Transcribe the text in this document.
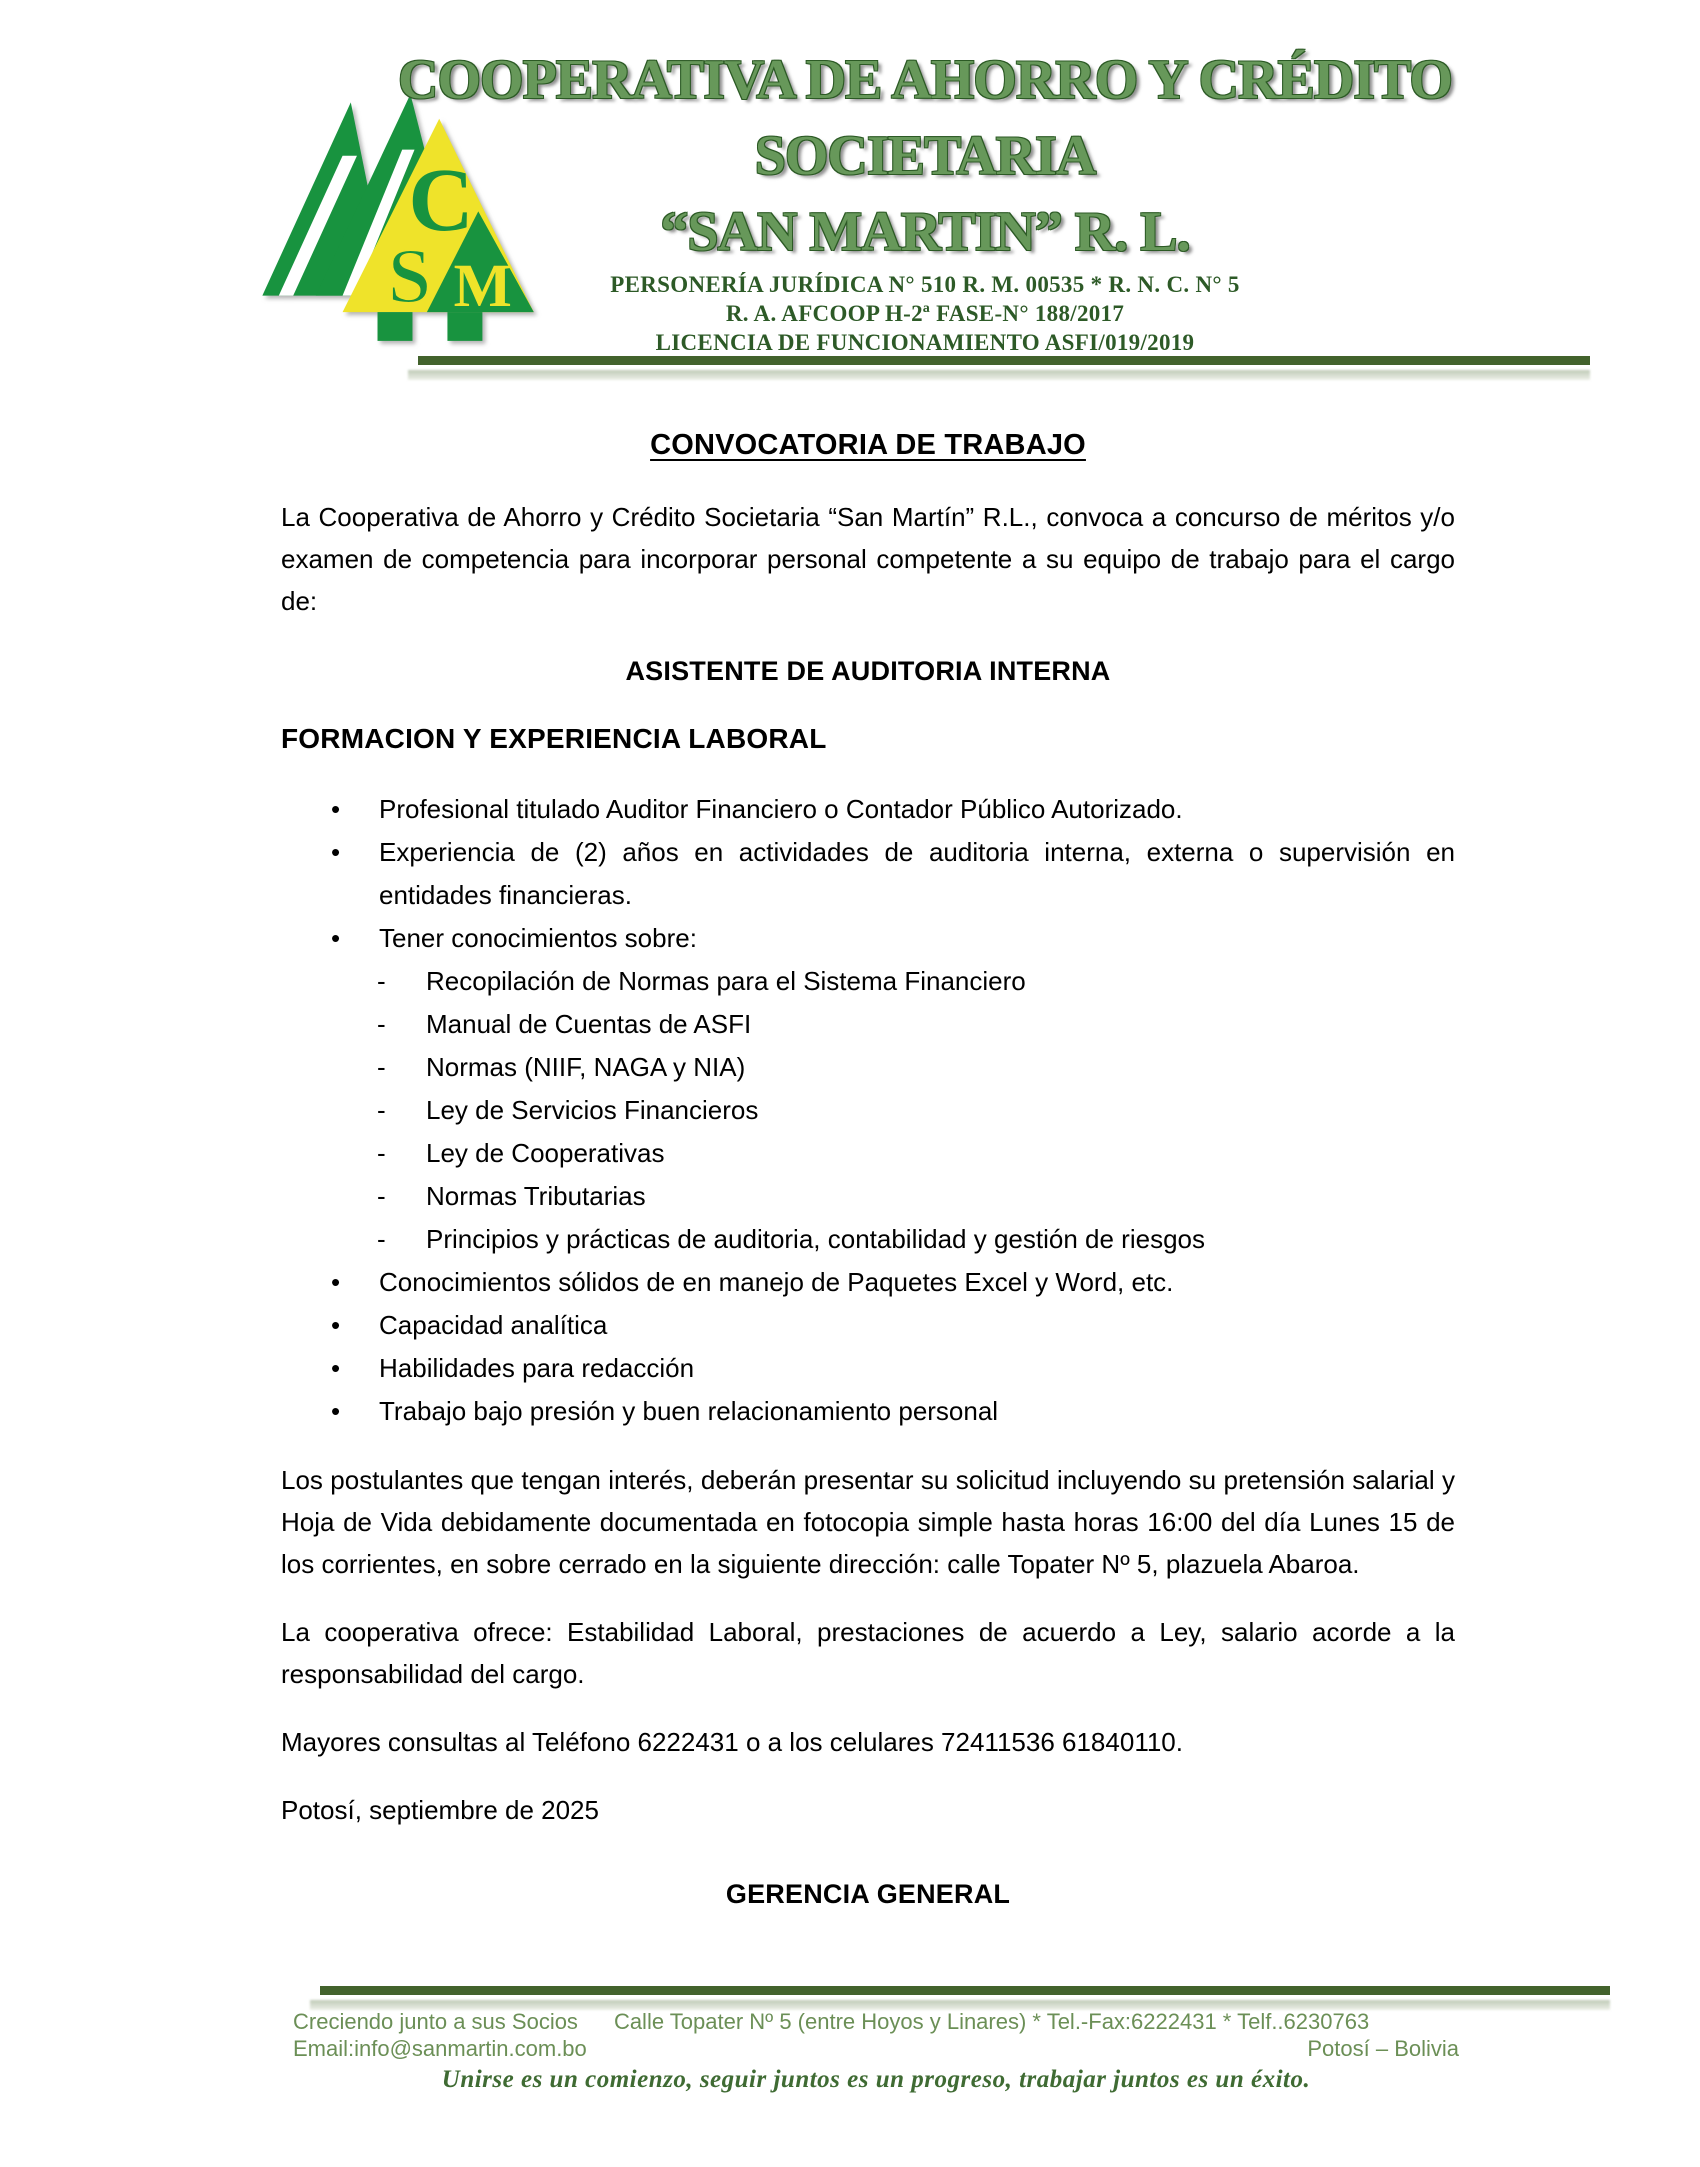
C
S M
COOPERATIVA DE AHORRO Y CRÉDITO
SOCIETARIA
“SAN MARTIN” R. L.
PERSONERÍA JURÍDICA N° 510 R. M. 00535 * R. N. C. N° 5
R. A. AFCOOP H-2ª FASE-N° 188/2017
LICENCIA DE FUNCIONAMIENTO ASFI/019/2019
CONVOCATORIA DE TRABAJO

La Cooperativa de Ahorro y Crédito Societaria “San Martín” R.L., convoca a concurso de méritos y/o examen de competencia para incorporar personal competente a su equipo de trabajo para el cargo de:

ASISTENTE DE AUDITORIA INTERNA
FORMACION Y EXPERIENCIA LABORAL
• Profesional titulado Auditor Financiero o Contador Público Autorizado.
• Experiencia de (2) años en actividades de auditoria interna, externa o supervisión en entidades financieras.
• Tener conocimientos sobre:
- Recopilación de Normas para el Sistema Financiero
- Manual de Cuentas de ASFI
- Normas (NIIF, NAGA y NIA)
- Ley de Servicios Financieros
- Ley de Cooperativas
- Normas Tributarias
- Principios y prácticas de auditoria, contabilidad y gestión de riesgos
• Conocimientos sólidos de en manejo de Paquetes Excel y Word, etc.
• Capacidad analítica
• Habilidades para redacción
• Trabajo bajo presión y buen relacionamiento personal

Los postulantes que tengan interés, deberán presentar su solicitud incluyendo su pretensión salarial y Hoja de Vida debidamente documentada en fotocopia simple hasta horas 16:00 del día Lunes 15 de los corrientes, en sobre cerrado en la siguiente dirección: calle Topater Nº 5, plazuela Abaroa.

La cooperativa ofrece: Estabilidad Laboral, prestaciones de acuerdo a Ley, salario acorde a la responsabilidad del cargo.

Mayores consultas al Teléfono 6222431 o a los celulares 72411536 61840110.

Potosí, septiembre de 2025

GERENCIA GENERAL
Creciendo junto a sus Socios Calle Topater Nº 5 (entre Hoyos y Linares) * Tel.-Fax:6222431 * Telf..6230763
Email:info@sanmartin.com.bo	Potosí – Bolivia
Unirse es un comienzo, seguir juntos es un progreso, trabajar juntos es un éxito.
